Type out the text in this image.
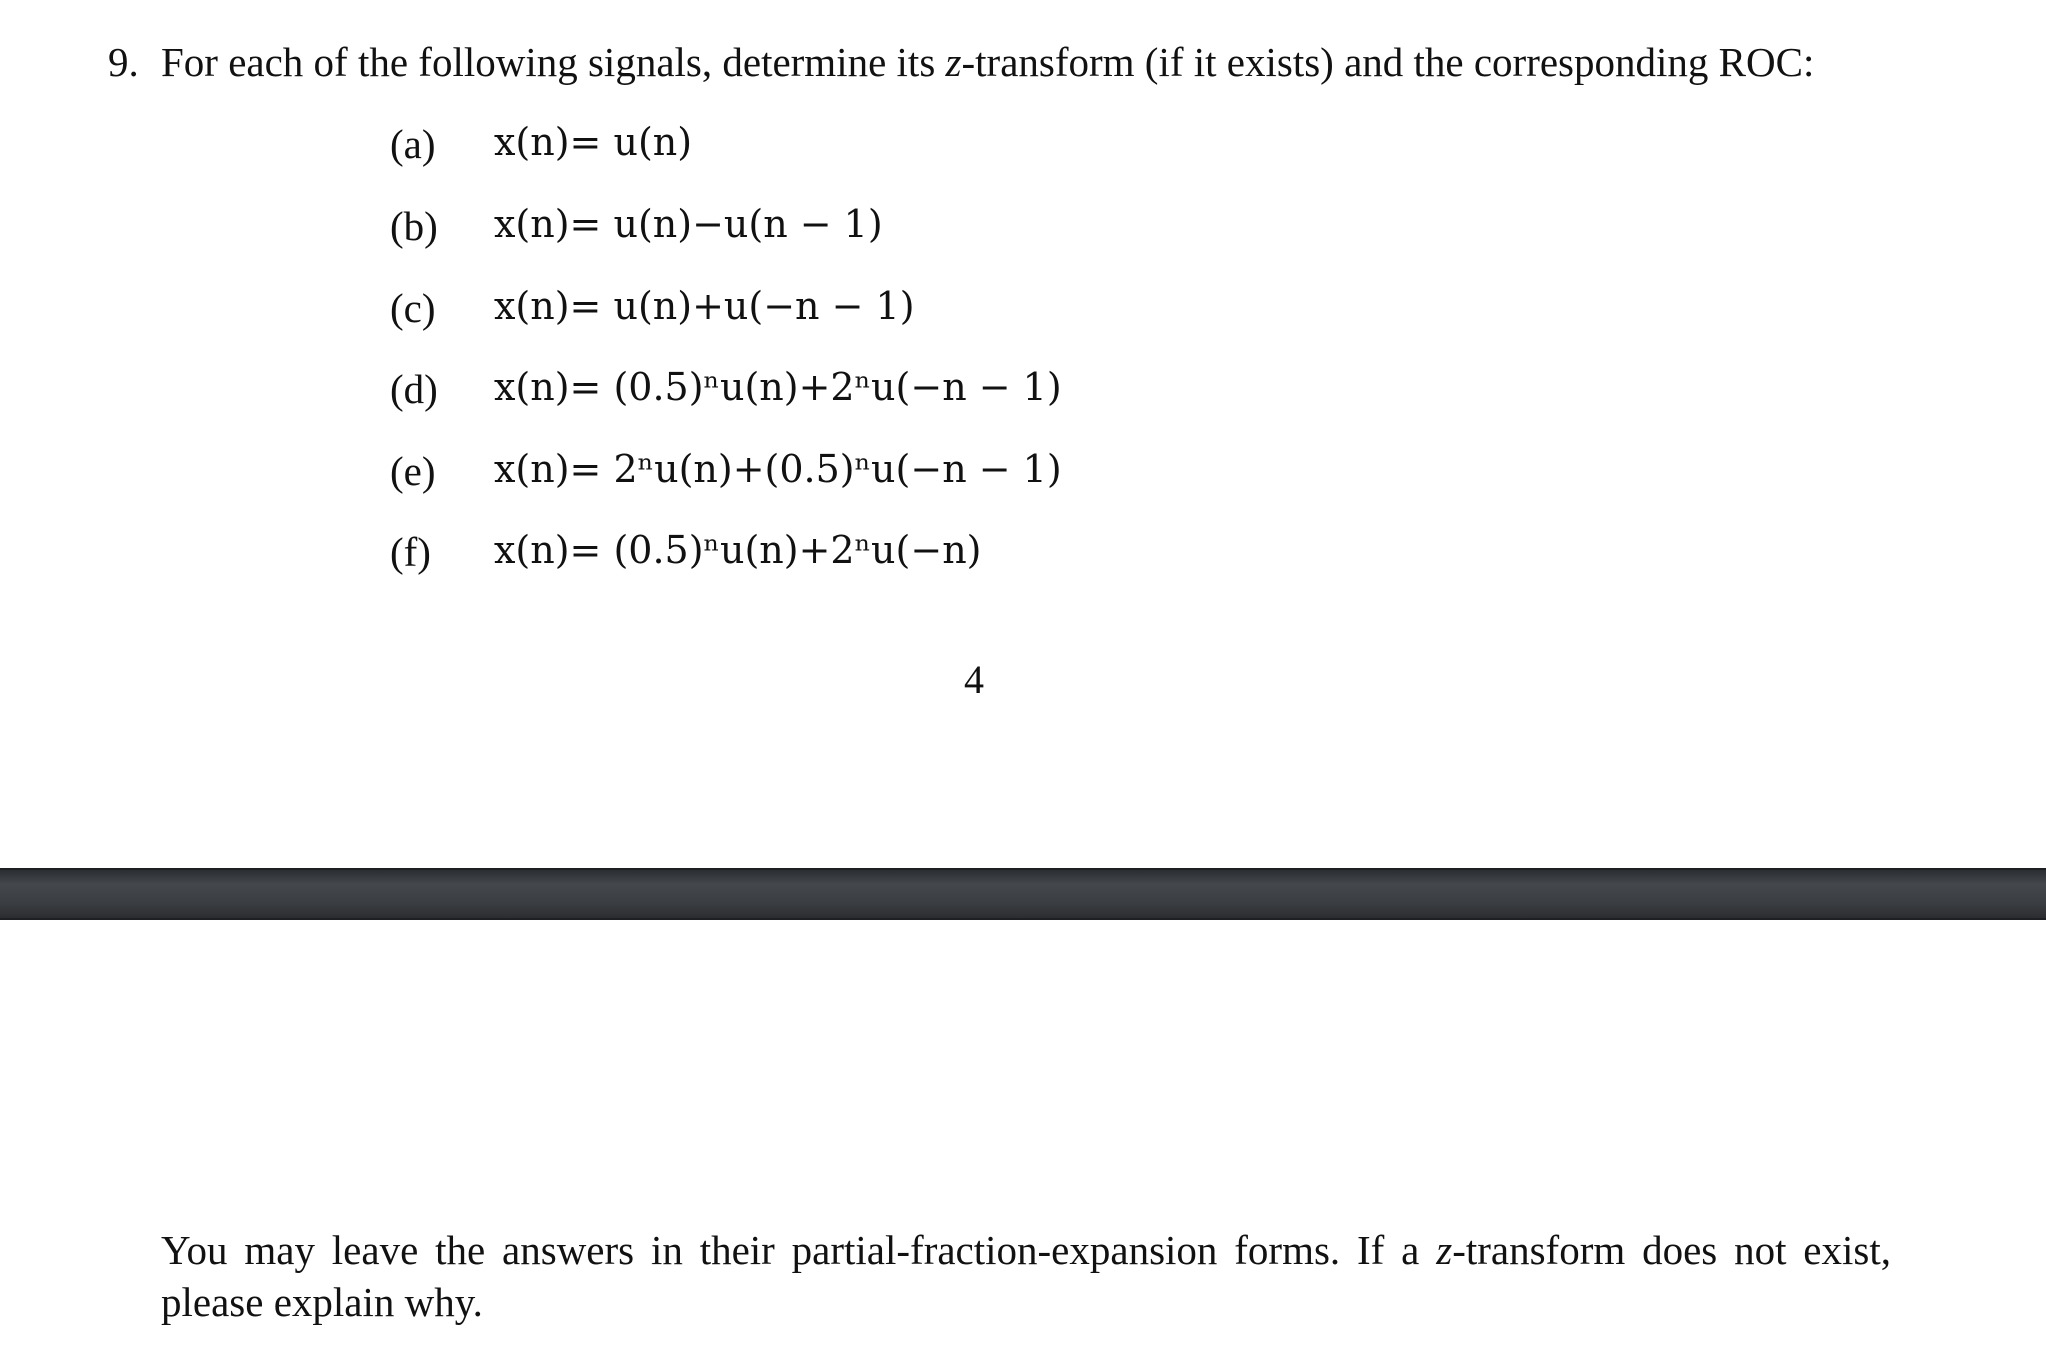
9. For each of the following signals, determine its z-transform (if it exists) and the corresponding ROC:
(a)	x(n)= u(n)
(b)	x(n)= u(n)−u(n − 1)
(c)	x(n)= u(n)+u(−n − 1)
(d)	x(n)= (0.5)ⁿu(n)+2ⁿu(−n − 1)
(e)	x(n)= 2ⁿu(n)+(0.5)ⁿu(−n − 1)
(f)	x(n)= (0.5)ⁿu(n)+2ⁿu(−n)
4
You may leave the answers in their partial-fraction-expansion forms. If a z-transform does not exist, please explain why.
